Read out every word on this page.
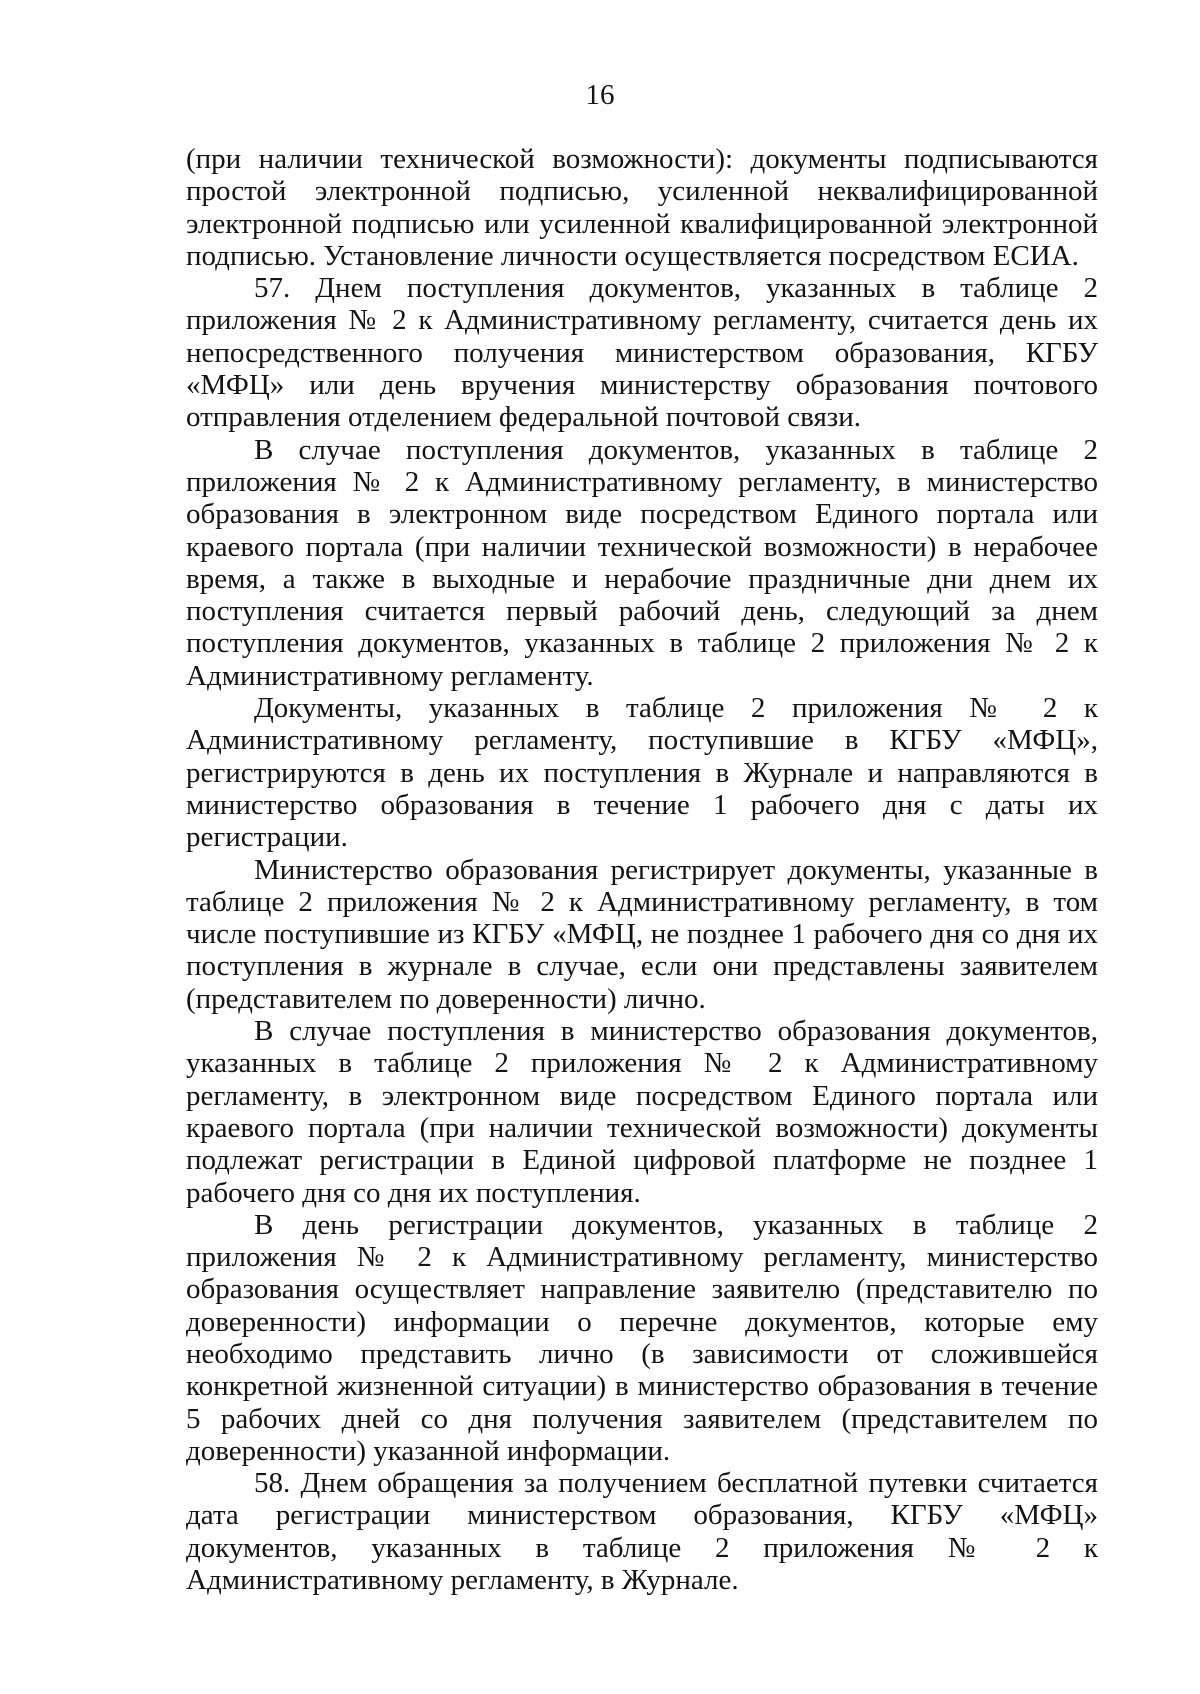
16

(при наличии технической возможности): документы подписываются простой электронной подписью, усиленной неквалифицированной электронной подписью или усиленной квалифицированной электронной подписью. Установление личности осуществляется посредством ЕСИА.

57. Днем поступления документов, указанных в таблице 2 приложения № 2 к Административному регламенту, считается день их непосредственного получения министерством образования, КГБУ «МФЦ» или день вручения министерству образования почтового отправления отделением федеральной почтовой связи.

В случае поступления документов, указанных в таблице 2 приложения № 2 к Административному регламенту, в министерство образования в электронном виде посредством Единого портала или краевого портала (при наличии технической возможности) в нерабочее время, а также в выходные и нерабочие праздничные дни днем их поступления считается первый рабочий день, следующий за днем поступления документов, указанных в таблице 2 приложения № 2 к Административному регламенту.

Документы, указанных в таблице 2 приложения № 2 к Административному регламенту, поступившие в КГБУ «МФЦ», регистрируются в день их поступления в Журнале и направляются в министерство образования в течение 1 рабочего дня с даты их регистрации.

Министерство образования регистрирует документы, указанные в таблице 2 приложения № 2 к Административному регламенту, в том числе поступившие из КГБУ «МФЦ, не позднее 1 рабочего дня со дня их поступления в журнале в случае, если они представлены заявителем (представителем по доверенности) лично.

В случае поступления в министерство образования документов, указанных в таблице 2 приложения № 2 к Административному регламенту, в электронном виде посредством Единого портала или краевого портала (при наличии технической возможности) документы подлежат регистрации в Единой цифровой платформе не позднее 1 рабочего дня со дня их поступления.

В день регистрации документов, указанных в таблице 2 приложения № 2 к Административному регламенту, министерство образования осуществляет направление заявителю (представителю по доверенности) информации о перечне документов, которые ему необходимо представить лично (в зависимости от сложившейся конкретной жизненной ситуации) в министерство образования в течение 5 рабочих дней со дня получения заявителем (представителем по доверенности) указанной информации.

58. Днем обращения за получением бесплатной путевки считается дата регистрации министерством образования, КГБУ «МФЦ» документов, указанных в таблице 2 приложения № 2 к Административному регламенту, в Журнале.
